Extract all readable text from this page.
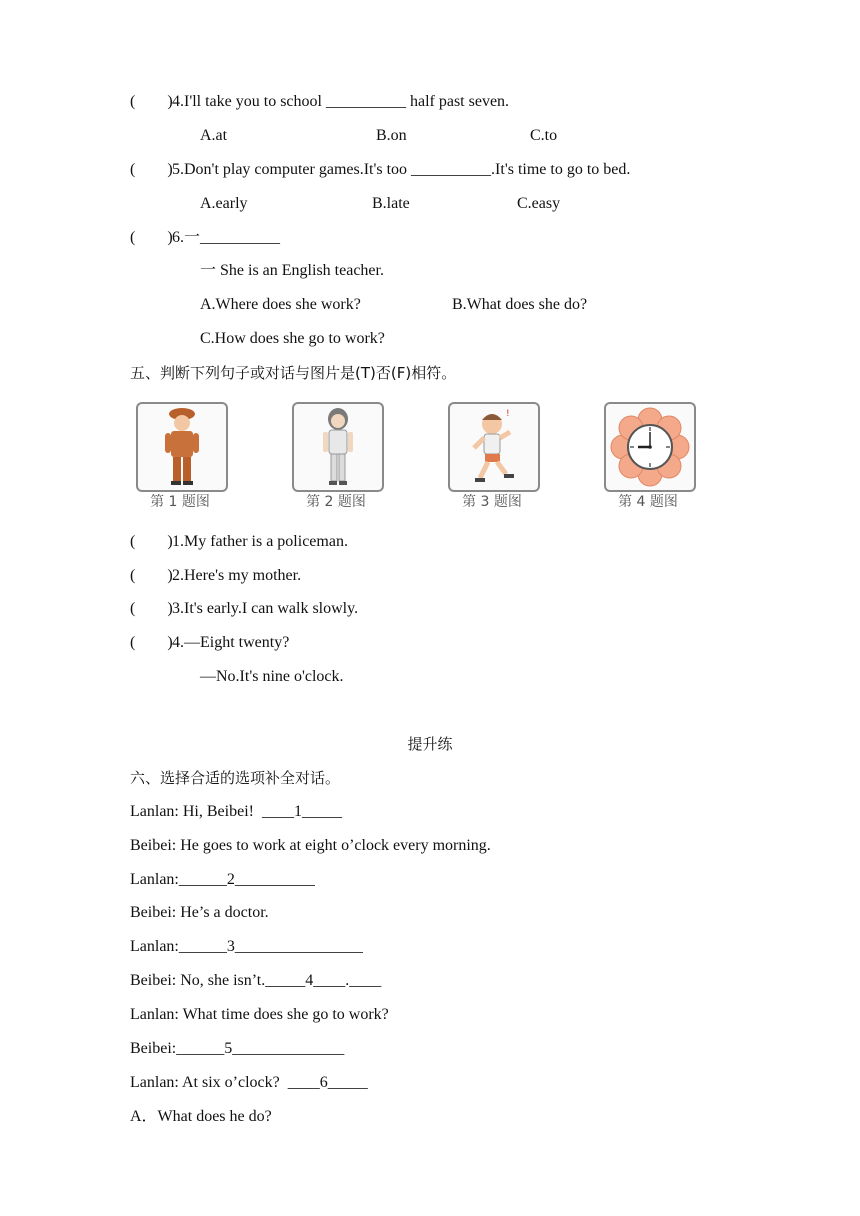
(        ) 4.I'll take you to school __________ half past seven.
A.at	B.on	C.to
(        ) 5.Don't play computer games.It's too __________.It's time to go to bed.
A.early	B.late	C.easy
(        ) 6.一__________
一 She is an English teacher.
A.Where does she work?	B.What does she do?
C.How does she go to work?
五、判断下列句子或对话与图片是(T)否(F)相符。
第 1 题图	第 2 题图
!
第 3 题图	第 4 题图
(        ) 1.My father is a policeman.
(        ) 2.Here's my mother.
(        ) 3.It's early.I can walk slowly.
(        ) 4.—Eight twenty?
—No.It's nine o'clock.
提升练
六、选择合适的选项补全对话。
Lanlan: Hi, Beibei!  ____1_____
Beibei: He goes to work at eight o’clock every morning.
Lanlan:______2__________
Beibei: He’s a doctor.
Lanlan:______3________________
Beibei: No, she isn’t._____4____.____
Lanlan: What time does she go to work?
Beibei:______5______________
Lanlan: At six o’clock?  ____6_____
A．What does he do?
